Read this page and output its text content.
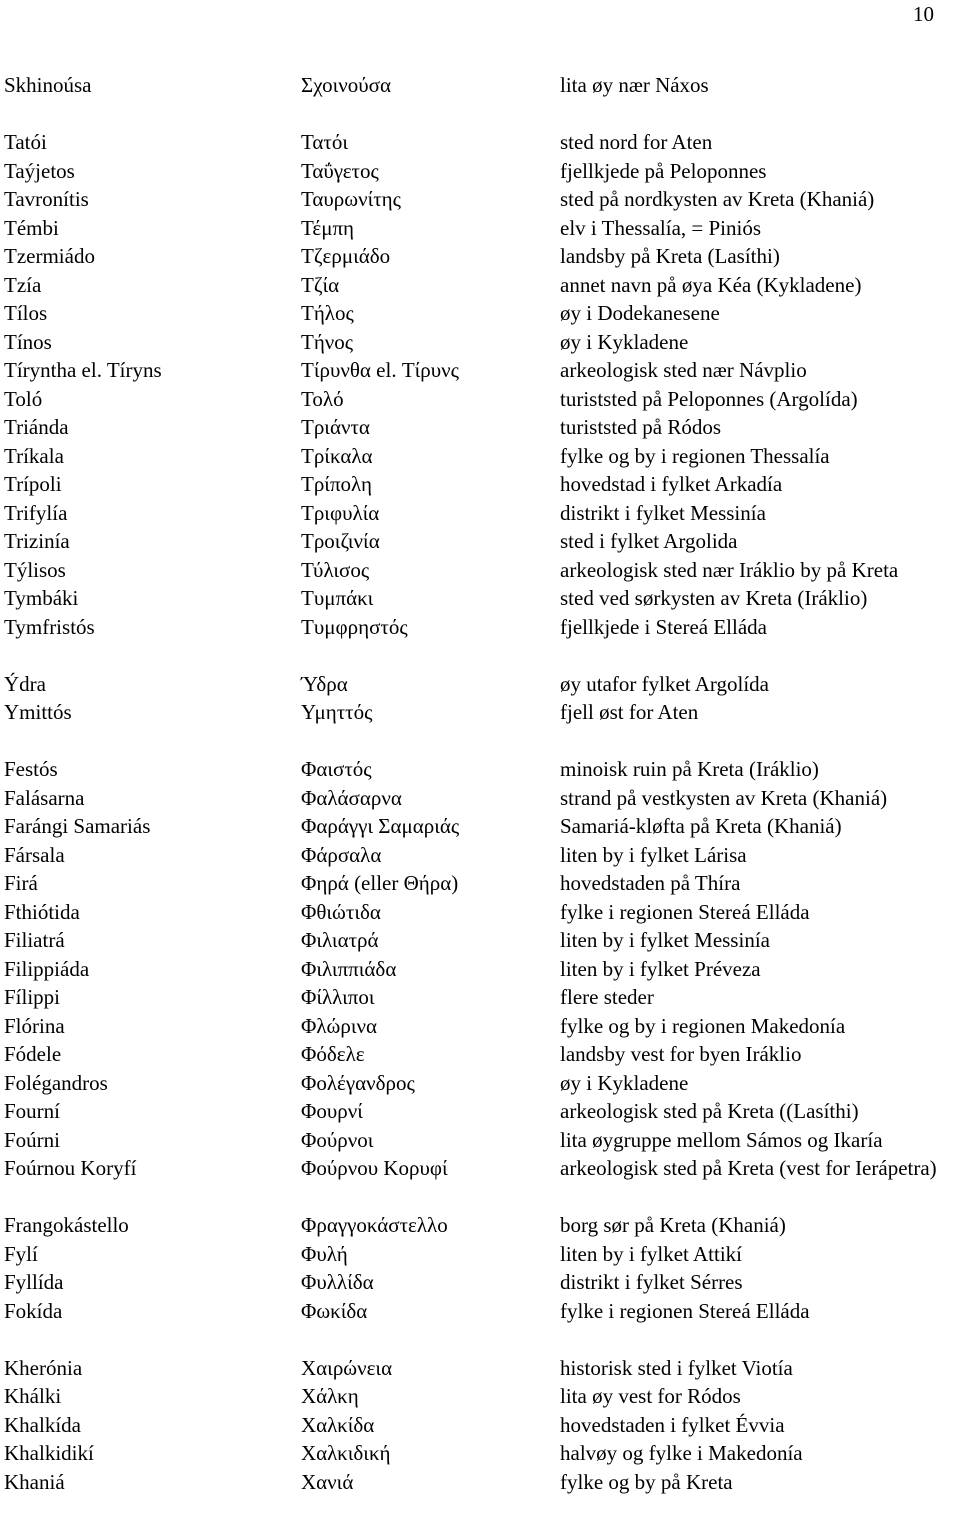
10
Skhinoúsa	Σχοινούσα	lita øy nær Náxos
Tatói	Τατόι	sted nord for Aten
Taýjetos	Ταΰγετος	fjellkjede på Peloponnes
Tavronítis	Ταυρωνίτης	sted på nordkysten av Kreta (Khaniá)
Témbi	Τέμπη	elv i Thessalía, = Piniós
Tzermiádo	Τζερμιάδο	landsby på Kreta (Lasíthi)
Tzía	Τζία	annet navn på øya Kéa (Kykladene)
Tílos	Τήλος	øy i Dodekanesene
Tínos	Τήνος	øy i Kykladene
Tíryntha el. Tíryns	Τίρυνθα el. Τίρυνς	arkeologisk sted nær Návplio
Toló	Τολό	turiststed på Peloponnes (Argolída)
Triánda	Τριάντα	turiststed på Ródos
Tríkala	Τρίκαλα	fylke og by i regionen Thessalía
Trípoli	Τρίπολη	hovedstad i fylket Arkadía
Trifylía	Τριφυλία	distrikt i fylket Messinía
Trizinía	Τροιζινία	sted i fylket Argolida
Týlisos	Τύλισος	arkeologisk sted nær Iráklio by på Kreta
Tymbáki	Τυμπάκι	sted ved sørkysten av Kreta (Iráklio)
Tymfristós	Τυμφρηστός	fjellkjede i Stereá Elláda
Ýdra	Ύδρα	øy utafor fylket Argolída
Ymittós	Υμηττός	fjell øst for Aten
Festós	Φαιστός	minoisk ruin på Kreta (Iráklio)
Falásarna	Φαλάσαρνα	strand på vestkysten av Kreta (Khaniá)
Farángi Samariás	Φαράγγι Σαμαριάς	Samariá-kløfta på Kreta (Khaniá)
Fársala	Φάρσαλα	liten by i fylket Lárisa
Firá	Φηρά (eller Θήρα)	hovedstaden på Thíra
Fthiótida	Φθιώτιδα	fylke i regionen Stereá Elláda
Filiatrá	Φιλιατρά	liten by i fylket Messinía
Filippiáda	Φιλιππιάδα	liten by i fylket Préveza
Fílippi	Φίλλιποι	flere steder
Flórina	Φλώρινα	fylke og by i regionen Makedonía
Fódele	Φόδελε	landsby vest for byen Iráklio
Folégandros	Φολέγανδρος	øy i Kykladene
Fourní	Φουρνί	arkeologisk sted på Kreta ((Lasíthi)
Foúrni	Φούρνοι	lita øygruppe mellom Sámos og Ikaría
Foúrnou Koryfí	Φούρνου Κορυφί	arkeologisk sted på Kreta (vest for Ierápetra)
Frangokástello	Φραγγοκάστελλο	borg sør på Kreta (Khaniá)
Fylí	Φυλή	liten by i fylket Attikí
Fyllída	Φυλλίδα	distrikt i fylket Sérres
Fokída	Φωκίδα	fylke i regionen Stereá Elláda
Kherónia	Χαιρώνεια	historisk sted i fylket Viotía
Khálki	Χάλκη	lita øy vest for Ródos
Khalkída	Χαλκίδα	hovedstaden i fylket Évvia
Khalkidikí	Χαλκιδική	halvøy og fylke i Makedonía
Khaniá	Χανιά	fylke og by på Kreta
